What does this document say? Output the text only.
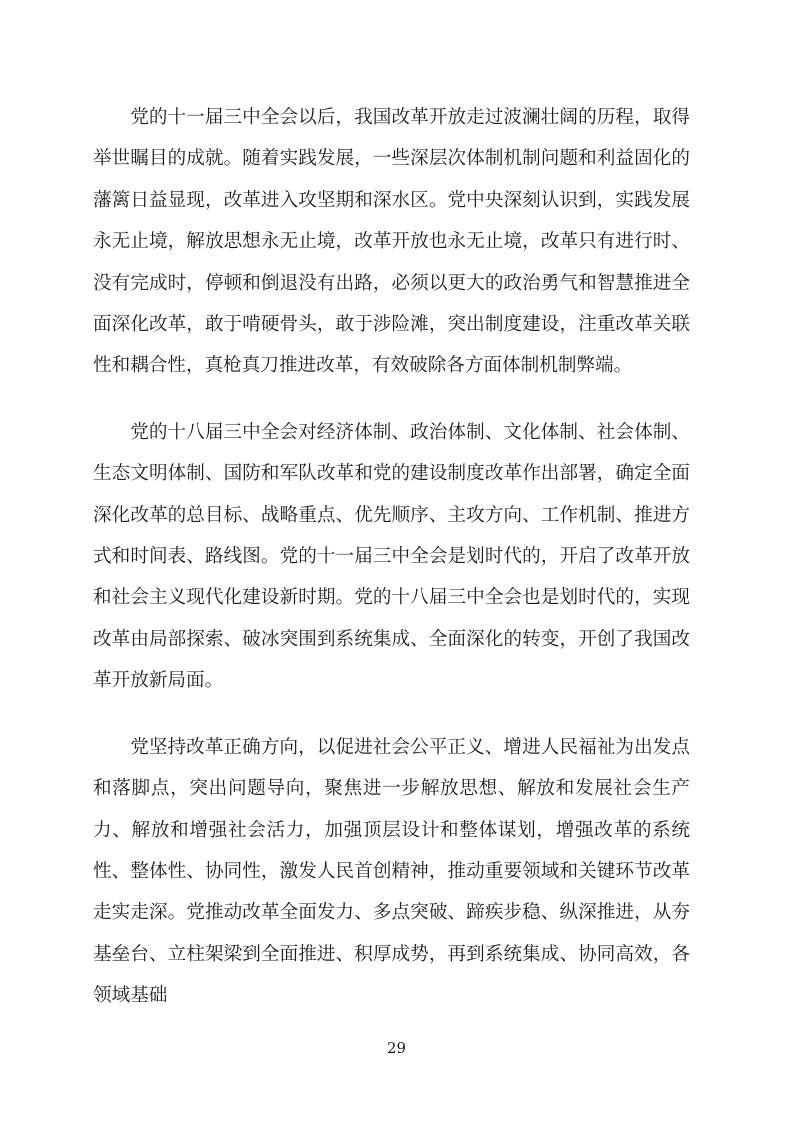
党的十一届三中全会以后，我国改革开放走过波澜壮阔的历程，取得举世瞩目的成就。随着实践发展，一些深层次体制机制问题和利益固化的藩篱日益显现，改革进入攻坚期和深水区。党中央深刻认识到，实践发展永无止境，解放思想永无止境，改革开放也永无止境，改革只有进行时、没有完成时，停顿和倒退没有出路，必须以更大的政治勇气和智慧推进全面深化改革，敢于啃硬骨头，敢于涉险滩，突出制度建设，注重改革关联性和耦合性，真枪真刀推进改革，有效破除各方面体制机制弊端。

党的十八届三中全会对经济体制、政治体制、文化体制、社会体制、生态文明体制、国防和军队改革和党的建设制度改革作出部署，确定全面深化改革的总目标、战略重点、优先顺序、主攻方向、工作机制、推进方式和时间表、路线图。党的十一届三中全会是划时代的，开启了改革开放和社会主义现代化建设新时期。党的十八届三中全会也是划时代的，实现改革由局部探索、破冰突围到系统集成、全面深化的转变，开创了我国改革开放新局面。

党坚持改革正确方向，以促进社会公平正义、增进人民福祉为出发点和落脚点，突出问题导向，聚焦进一步解放思想、解放和发展社会生产力、解放和增强社会活力，加强顶层设计和整体谋划，增强改革的系统性、整体性、协同性，激发人民首创精神，推动重要领域和关键环节改革走实走深。党推动改革全面发力、多点突破、蹄疾步稳、纵深推进，从夯基垒台、立柱架梁到全面推进、积厚成势，再到系统集成、协同高效，各领域基础

29
